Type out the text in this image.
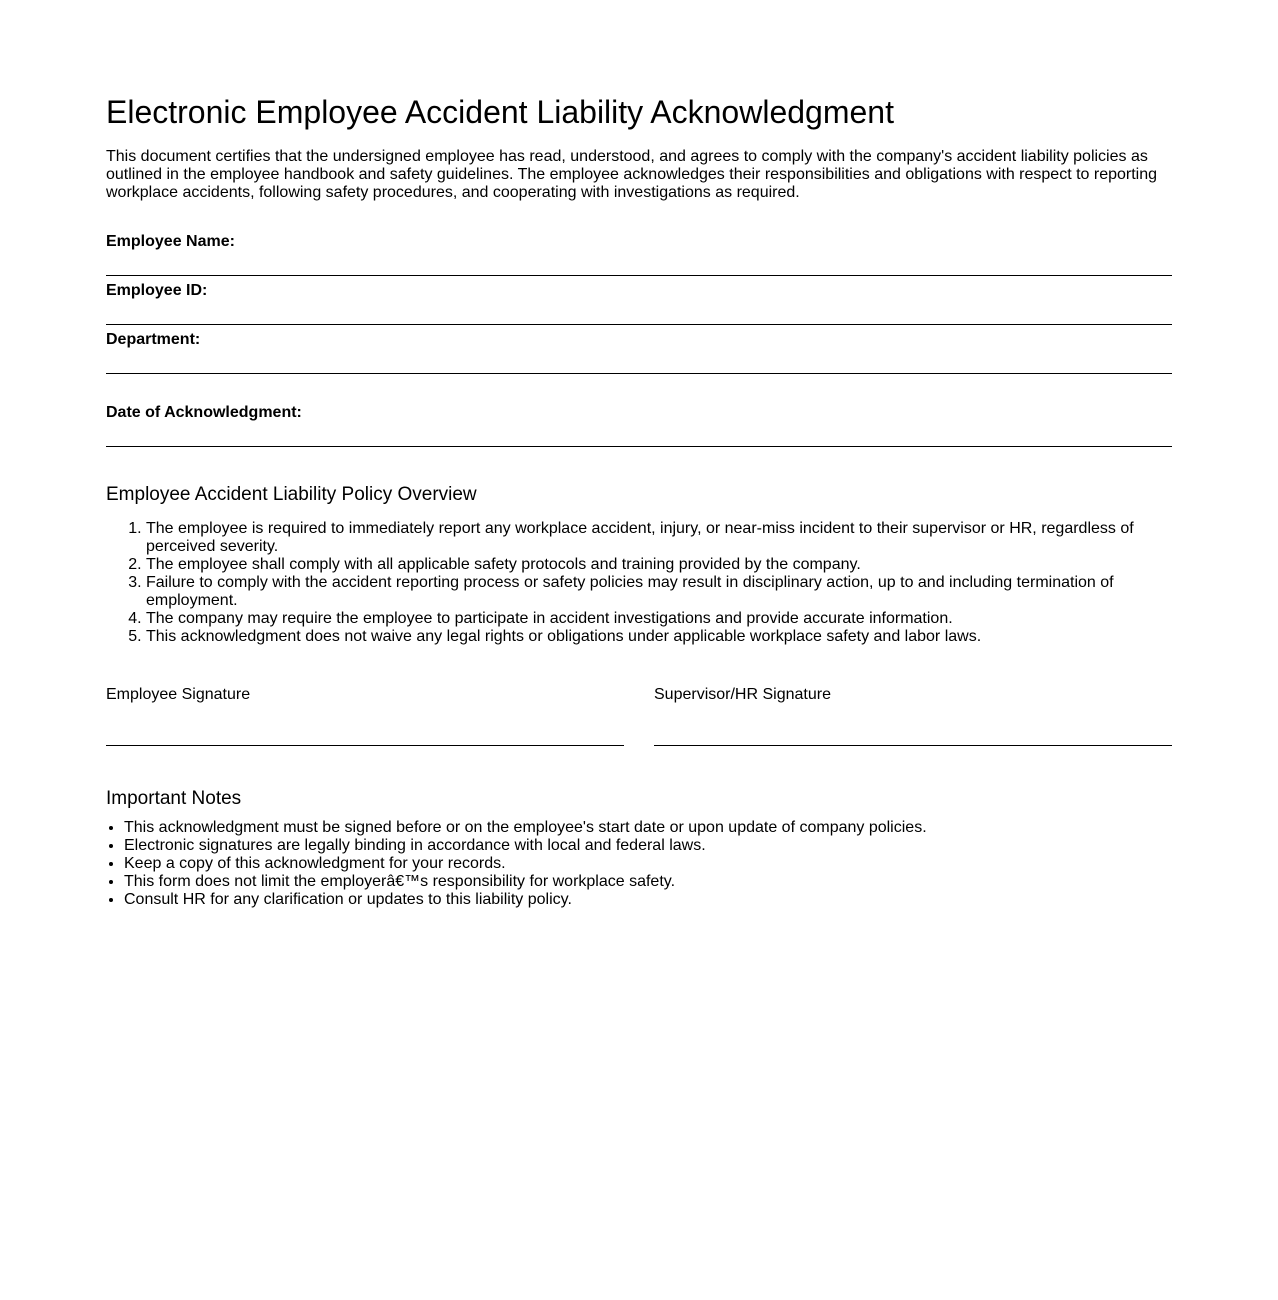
Electronic Employee Accident Liability Acknowledgment

This document certifies that the undersigned employee has read, understood, and agrees to comply with the company's accident liability policies as outlined in the employee handbook and safety guidelines. The employee acknowledges their responsibilities and obligations with respect to reporting workplace accidents, following safety procedures, and cooperating with investigations as required.

Employee Name:
Employee ID:
Department:
Date of Acknowledgment:
Employee Accident Liability Policy Overview
1. The employee is required to immediately report any workplace accident, injury, or near-miss incident to their supervisor or HR, regardless of perceived severity.
2. The employee shall comply with all applicable safety protocols and training provided by the company.
3. Failure to comply with the accident reporting process or safety policies may result in disciplinary action, up to and including termination of employment.
4. The company may require the employee to participate in accident investigations and provide accurate information.
5. This acknowledgment does not waive any legal rights or obligations under applicable workplace safety and labor laws.
Employee Signature	Supervisor/HR Signature
Important Notes
• This acknowledgment must be signed before or on the employee's start date or upon update of company policies.
• Electronic signatures are legally binding in accordance with local and federal laws.
• Keep a copy of this acknowledgment for your records.
• This form does not limit the employerâ€™s responsibility for workplace safety.
• Consult HR for any clarification or updates to this liability policy.
